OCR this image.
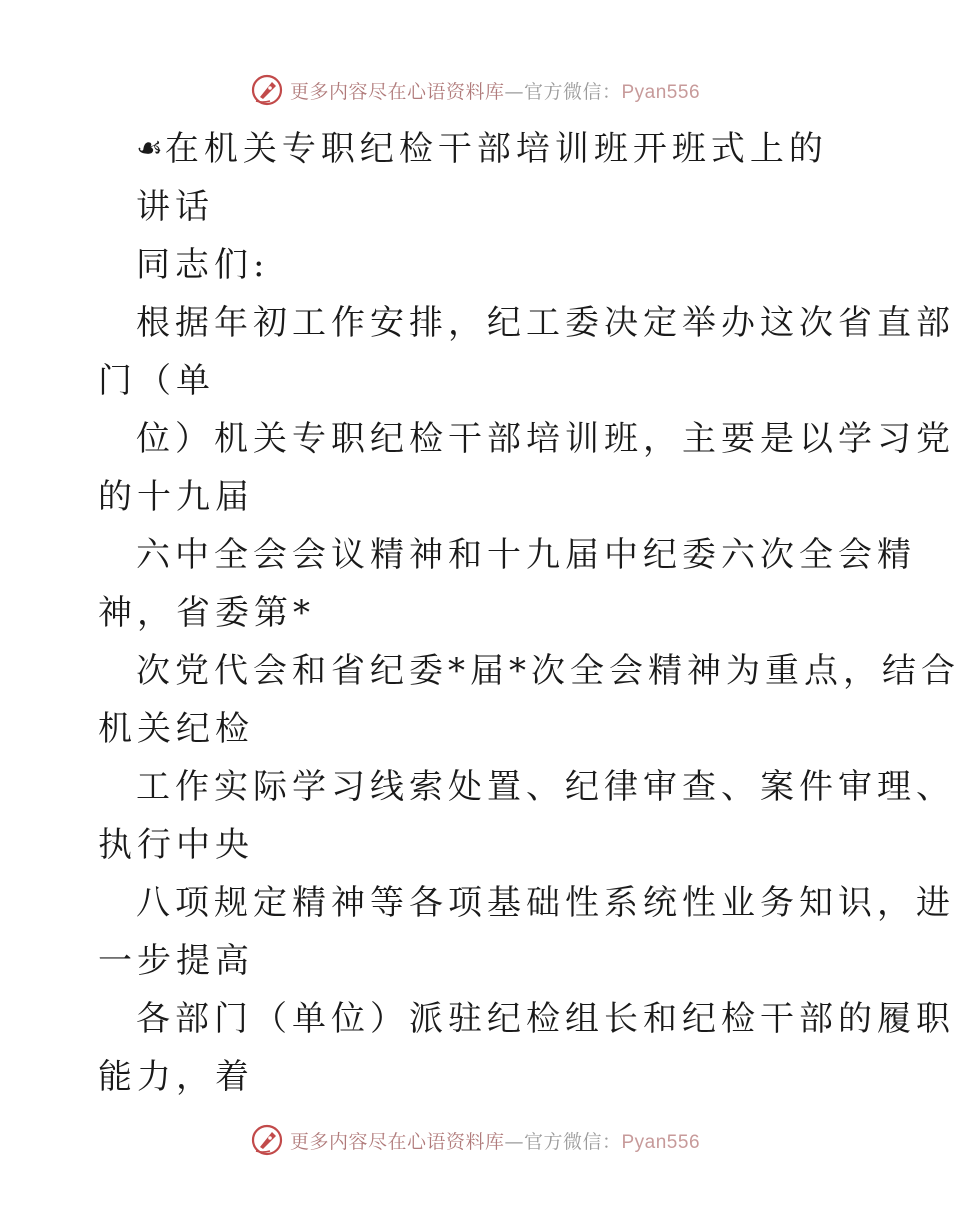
更多内容尽在心语资料库—官方微信：Pyan556
☙ 在机关专职纪检干部培训班开班式上的
讲话
同志们:
根据年初工作安排，纪工委决定举办这次省直部
门（单
位）机关专职纪检干部培训班，主要是以学习党
的十九届
六中全会会议精神和十九届中纪委六次全会精
神，省委第*
次党代会和省纪委*届*次全会精神为重点，结合
机关纪检
工作实际学习线索处置、纪律审查、案件审理、
执行中央
八项规定精神等各项基础性系统性业务知识，进
一步提高
各部门（单位）派驻纪检组长和纪检干部的履职
能力，着
更多内容尽在心语资料库—官方微信：Pyan556
